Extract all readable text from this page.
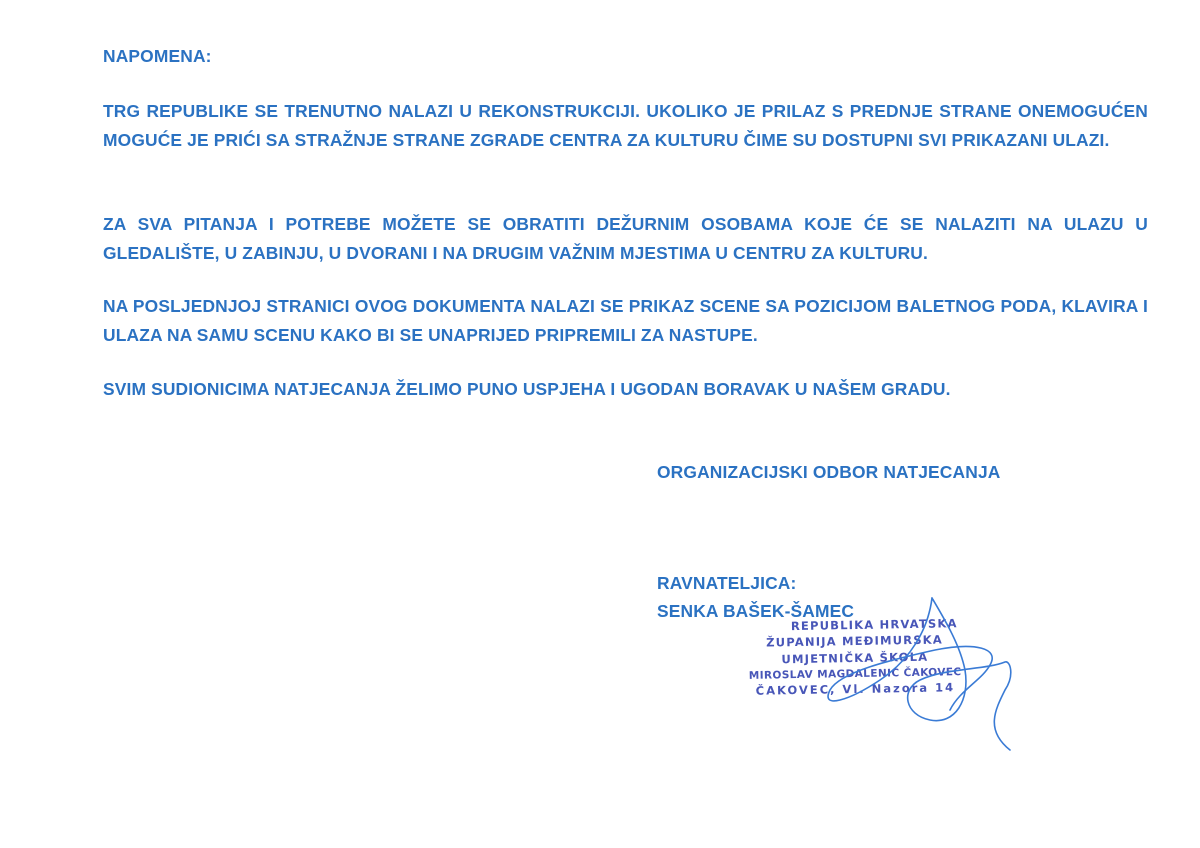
NAPOMENA:

TRG REPUBLIKE SE TRENUTNO NALAZI U REKONSTRUKCIJI. UKOLIKO JE PRILAZ S PREDNJE STRANE ONEMOGUĆEN MOGUĆE JE PRIĆI SA STRAŽNJE STRANE ZGRADE CENTRA ZA KULTURU ČIME SU DOSTUPNI SVI PRIKAZANI ULAZI.

ZA SVA PITANJA I POTREBE MOŽETE SE OBRATITI DEŽURNIM OSOBAMA KOJE ĆE SE NALAZITI NA ULAZU U GLEDALIŠTE, U ZABINJU, U DVORANI I NA DRUGIM VAŽNIM MJESTIMA U CENTRU ZA KULTURU.

NA POSLJEDNJOJ STRANICI OVOG DOKUMENTA NALAZI SE PRIKAZ SCENE SA POZICIJOM BALETNOG PODA, KLAVIRA I ULAZA NA SAMU SCENU KAKO BI SE UNAPRIJED PRIPREMILI ZA NASTUPE.

SVIM SUDIONICIMA NATJECANJA ŽELIMO PUNO USPJEHA I UGODAN BORAVAK U NAŠEM GRADU.

ORGANIZACIJSKI ODBOR NATJECANJA

RAVNATELJICA:

SENKA BAŠEK-ŠAMEC

REPUBLIKA HRVATSKA
ŽUPANIJA MEĐIMURSKA
UMJETNIČKA ŠKOLA
MIROSLAV MAGDALENIĆ ČAKOVEC
ČAKOVEC, Vl. Nazora 14
